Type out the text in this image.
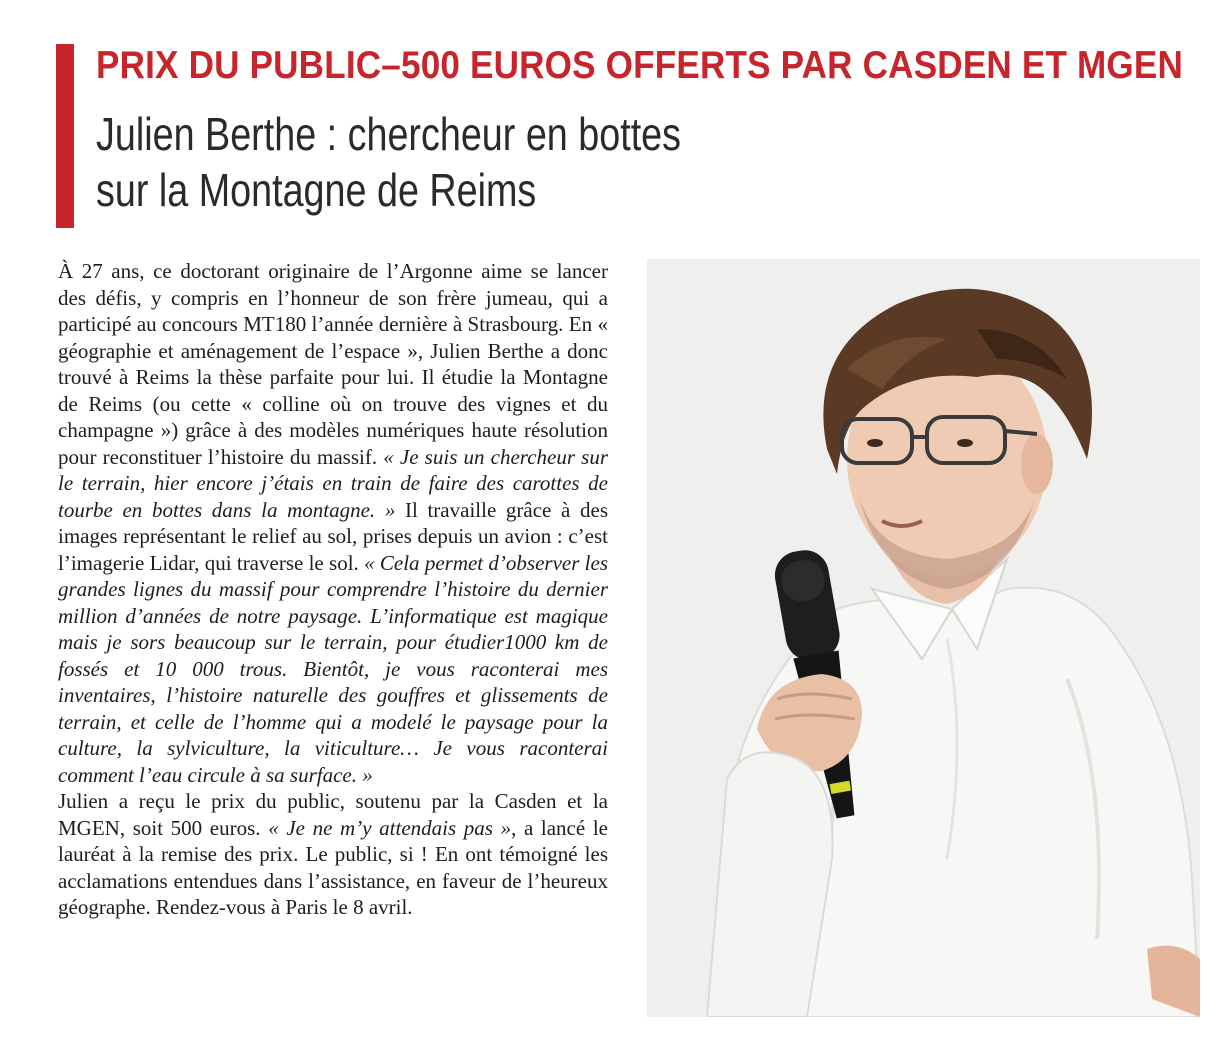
PRIX DU PUBLIC–500 EUROS OFFERTS PAR CASDEN ET MGEN
Julien Berthe : chercheur en bottes
sur la Montagne de Reims

À 27 ans, ce doctorant originaire de l’Argonne aime se lancer des défis, y compris en l’honneur de son frère jumeau, qui a participé au concours MT180 l’année dernière à Strasbourg. En « géographie et aménagement de l’espace », Julien Berthe a donc trouvé à Reims la thèse parfaite pour lui. Il étudie la Montagne de Reims (ou cette « colline où on trouve des vignes et du champagne ») grâce à des modèles numériques haute résolution pour reconstituer l’histoire du massif. « Je suis un chercheur sur le terrain, hier encore j’étais en train de faire des carottes de tourbe en bottes dans la montagne. » Il travaille grâce à des images représentant le relief au sol, prises depuis un avion : c’est l’imagerie Lidar, qui traverse le sol. « Cela permet d’observer les grandes lignes du massif pour comprendre l’histoire du dernier million d’années de notre paysage. L’informatique est magique mais je sors beaucoup sur le terrain, pour étudier1000 km de fossés et 10 000 trous. Bientôt, je vous raconterai mes inventaires, l’histoire naturelle des gouffres et glissements de terrain, et celle de l’homme qui a modelé le paysage pour la culture, la sylviculture, la viticulture… Je vous raconterai comment l’eau circule à sa surface. »

Julien a reçu le prix du public, soutenu par la Casden et la MGEN, soit 500 euros. « Je ne m’y attendais pas », a lancé le lauréat à la remise des prix. Le public, si ! En ont témoigné les acclamations entendues dans l’assistance, en faveur de l’heureux géographe. Rendez-vous à Paris le 8 avril.
